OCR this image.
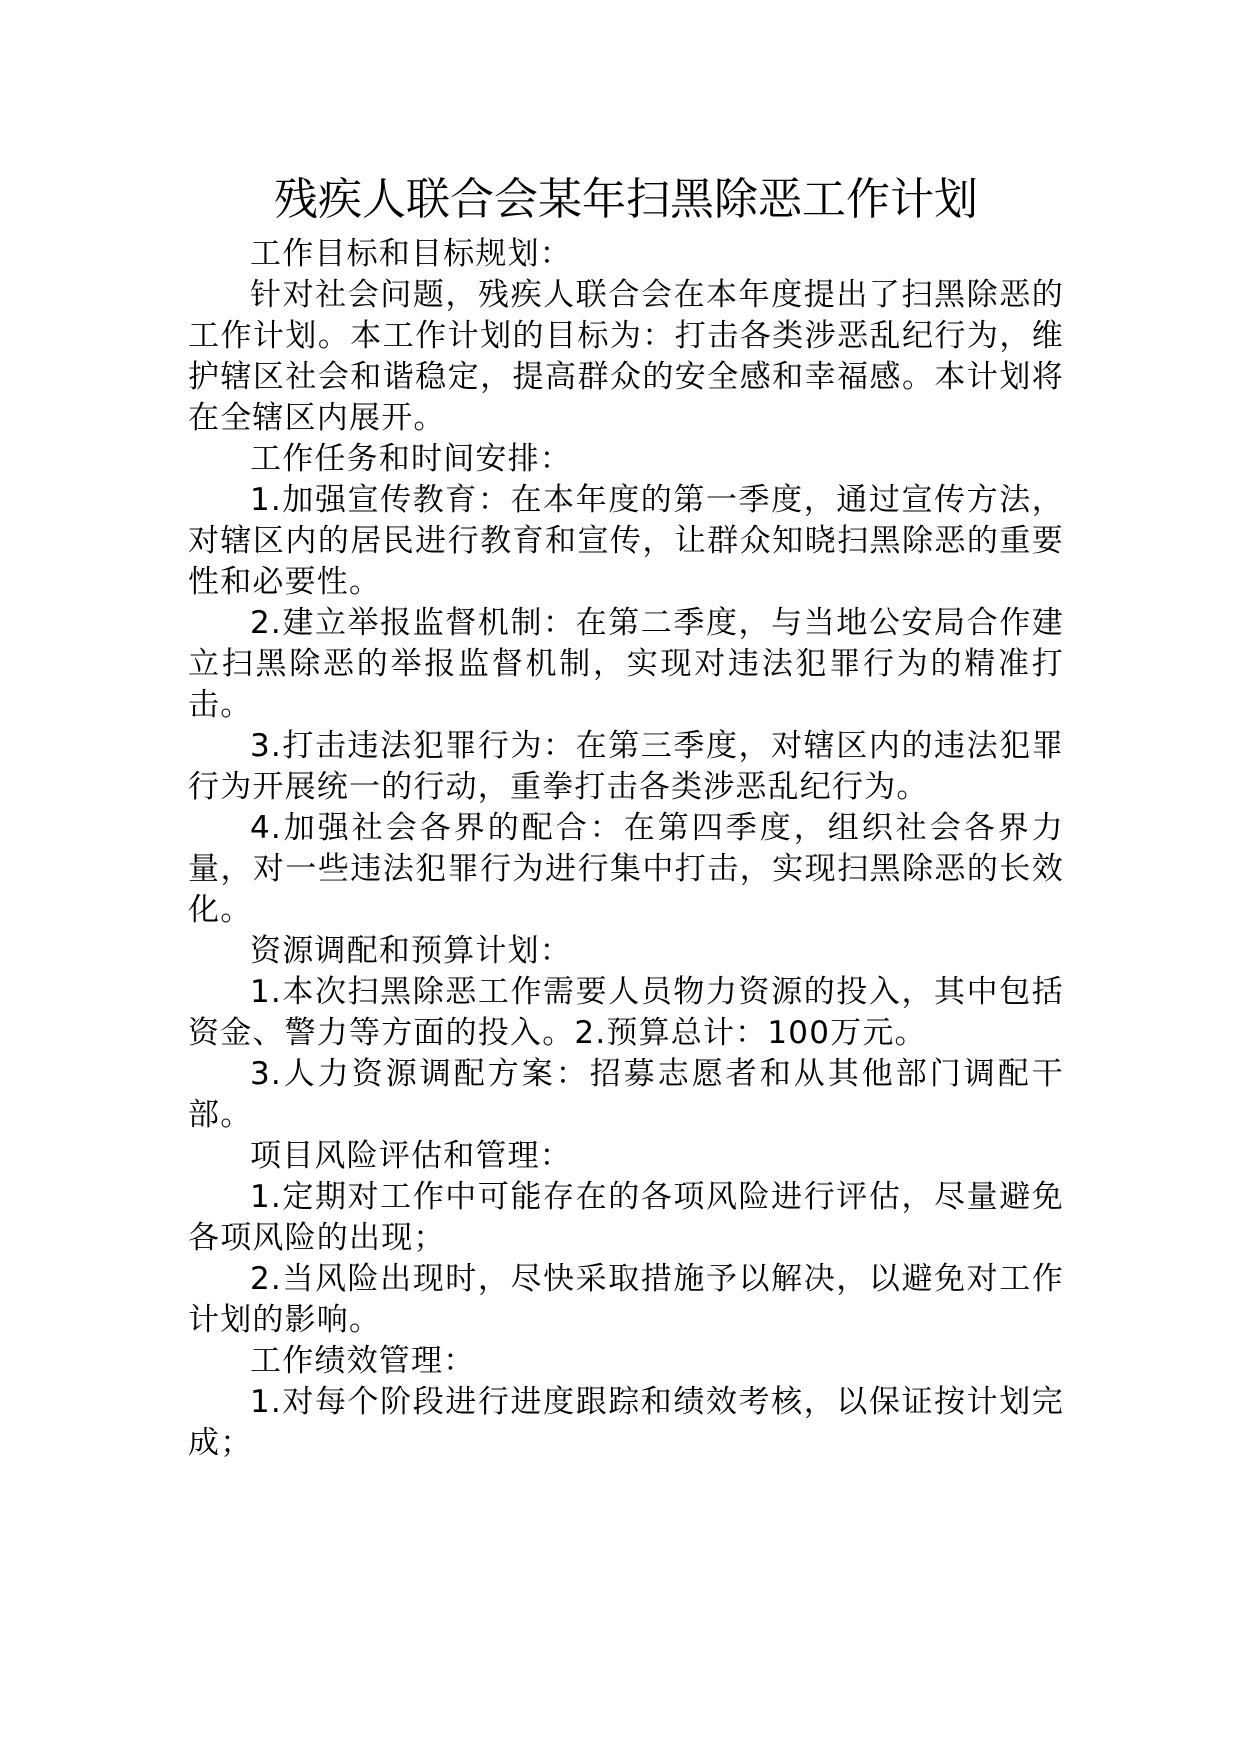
残疾人联合会某年扫黑除恶工作计划

工作目标和目标规划：

针对社会问题，残疾人联合会在本年度提出了扫黑除恶的工作计划。本工作计划的目标为：打击各类涉恶乱纪行为，维护辖区社会和谐稳定，提高群众的安全感和幸福感。本计划将在全辖区内展开。

工作任务和时间安排：

1.加强宣传教育：在本年度的第一季度，通过宣传方法，对辖区内的居民进行教育和宣传，让群众知晓扫黑除恶的重要性和必要性。

2.建立举报监督机制：在第二季度，与当地公安局合作建立扫黑除恶的举报监督机制，实现对违法犯罪行为的精准打击。

3.打击违法犯罪行为：在第三季度，对辖区内的违法犯罪行为开展统一的行动，重拳打击各类涉恶乱纪行为。

4.加强社会各界的配合：在第四季度，组织社会各界力量，对一些违法犯罪行为进行集中打击，实现扫黑除恶的长效化。

资源调配和预算计划：

1.本次扫黑除恶工作需要人员物力资源的投入，其中包括资金、警力等方面的投入。2.预算总计：100万元。

3.人力资源调配方案：招募志愿者和从其他部门调配干部。

项目风险评估和管理：

1.定期对工作中可能存在的各项风险进行评估，尽量避免各项风险的出现；

2.当风险出现时，尽快采取措施予以解决，以避免对工作计划的影响。

工作绩效管理：

1.对每个阶段进行进度跟踪和绩效考核，以保证按计划完成；
